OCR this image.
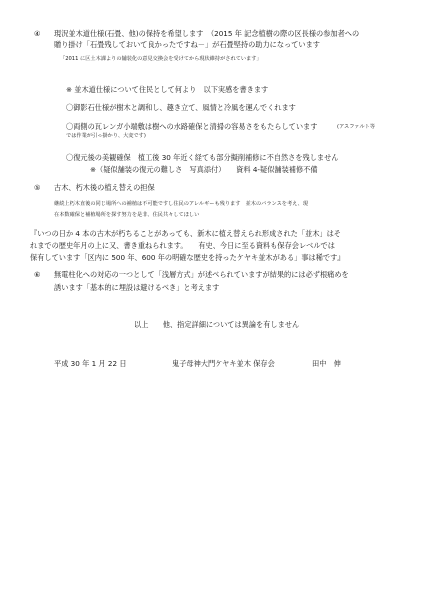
④ 現況並木道仕様(石畳、他)の保持を希望します　（2015 年 記念植樹の際の区長様の参加者への
贈り掛け「石畳残しておいて良かったですね－」が石畳堅持の助力になっています
「2011 に区土木課よりの舗装化の意見交換会を受けてから現状維持がされています」
※ 並木道仕様について住民として何より　以下実感を書きます
〇御影石仕様が樹木と調和し、趣き立て、風情と冷風を運んでくれます
〇両側の瓦レンガ小端敷は樹への水路確保と清掃の容易さをもたらしています	(アスファルト等
では作業が引っ掛かり、大変です)
〇復元後の美観確保　植工後 30 年近く経ても部分擬削補修に不自然さを残しません
※（疑似舗装の復元の難しさ　写真添付）　　資料 4-疑似舗装補修不備
⑤ 古木、朽木後の植え替えの担保
継続上朽木直後の同じ場所への補植は不可能ですし住民のアレルギーも残ります　並木のバランスを考え、現
在本数確保と補植場所を探す努力を是非、住民共々してほしい
『いつの日か 4 本の古木が朽ちることがあっても、新木に植え替えられ形成された「並木」はそ
れまでの歴史年月の上に又、書き重ねられます。　　有史、今日に至る資料も保存会レベルでは
保有しています「区内に 500 年、600 年の明確な歴史を持ったケヤキ並木がある」事は稀です』
⑥ 無電柱化への対応の一つとして「浅層方式」が述べられていますが結果的には必ず根痛めを
誘います「基本的に埋設は避けるべき」と考えます
以上　　他、指定詳細については異論を有しません
平成 30 年 1 月 22 日	鬼子母神大門ケヤキ並木 保存会	田中　伸
